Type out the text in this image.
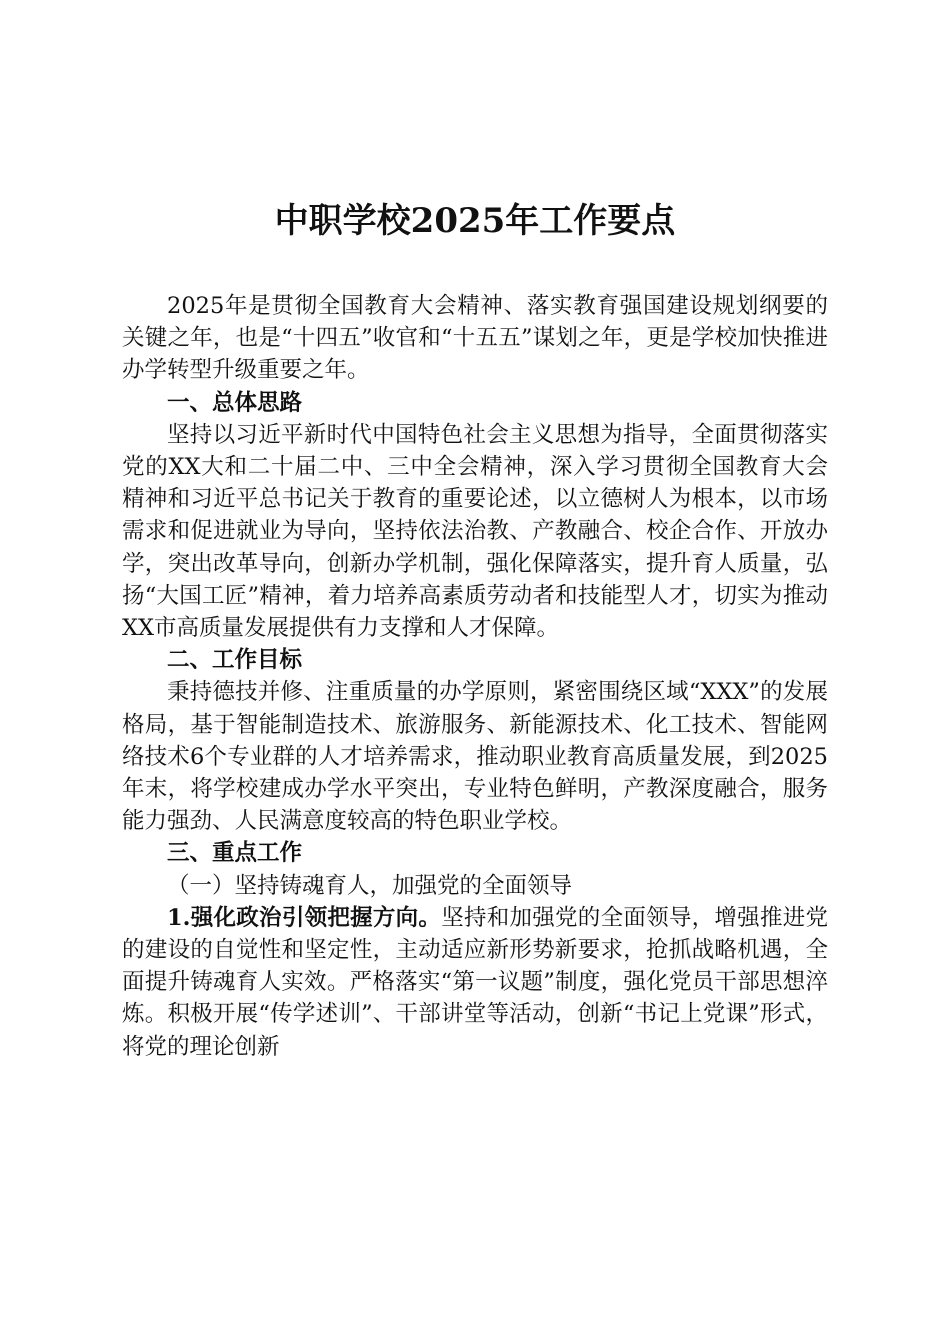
中职学校2025年工作要点

2025年是贯彻全国教育大会精神、落实教育强国建设规划纲要的关键之年，也是“十四五”收官和“十五五”谋划之年，更是学校加快推进办学转型升级重要之年。

一、总体思路

坚持以习近平新时代中国特色社会主义思想为指导，全面贯彻落实党的XX大和二十届二中、三中全会精神，深入学习贯彻全国教育大会精神和习近平总书记关于教育的重要论述，以立德树人为根本，以市场需求和促进就业为导向，坚持依法治教、产教融合、校企合作、开放办学，突出改革导向，创新办学机制，强化保障落实，提升育人质量，弘扬“大国工匠”精神，着力培养高素质劳动者和技能型人才，切实为推动XX市高质量发展提供有力支撑和人才保障。

二、工作目标

秉持德技并修、注重质量的办学原则，紧密围绕区域“XXX”的发展格局，基于智能制造技术、旅游服务、新能源技术、化工技术、智能网络技术6个专业群的人才培养需求，推动职业教育高质量发展，到2025年末，将学校建成办学水平突出，专业特色鲜明，产教深度融合，服务能力强劲、人民满意度较高的特色职业学校。

三、重点工作

（一）坚持铸魂育人，加强党的全面领导

1.强化政治引领把握方向。坚持和加强党的全面领导，增强推进党的建设的自觉性和坚定性，主动适应新形势新要求，抢抓战略机遇，全面提升铸魂育人实效。严格落实“第一议题”制度，强化党员干部思想淬炼。积极开展“传学述训”、干部讲堂等活动，创新“书记上党课”形式，将党的理论创新
